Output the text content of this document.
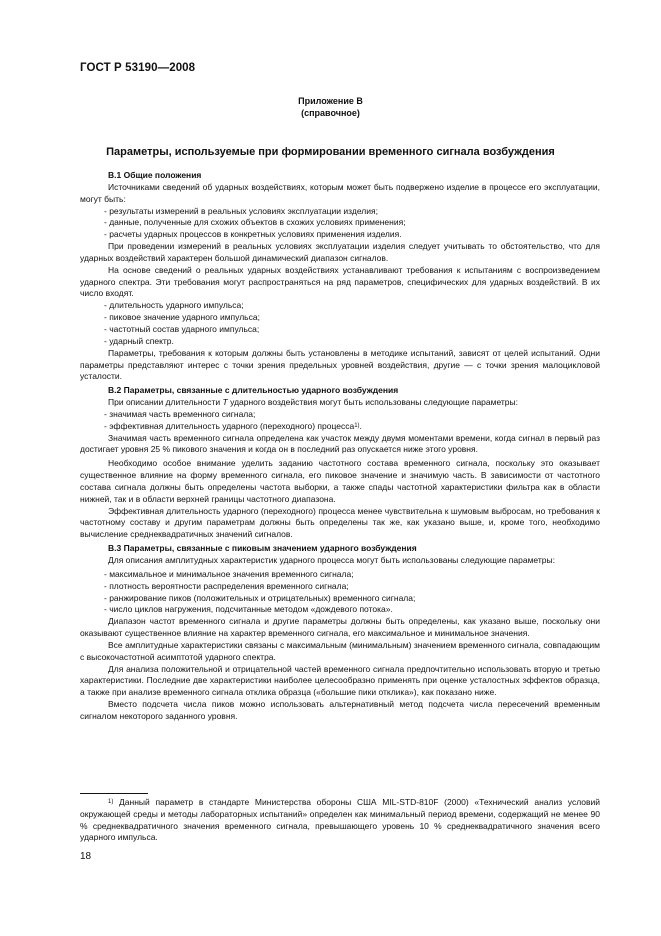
ГОСТ Р 53190—2008
Приложение В
(справочное)
Параметры, используемые при формировании временного сигнала возбуждения

В.1 Общие положения

Источниками сведений об ударных воздействиях, которым может быть подвержено изделие в процессе его эксплуатации, могут быть:

- результаты измерений в реальных условиях эксплуатации изделия;

- данные, полученные для схожих объектов в схожих условиях применения;

- расчеты ударных процессов в конкретных условиях применения изделия.

При проведении измерений в реальных условиях эксплуатации изделия следует учитывать то обстоятельство, что для ударных воздействий характерен большой динамический диапазон сигналов.

На основе сведений о реальных ударных воздействиях устанавливают требования к испытаниям с воспроизведением ударного спектра. Эти требования могут распространяться на ряд параметров, специфических для ударных воздействий. В их число входят.

- длительность ударного импульса;

- пиковое значение ударного импульса;

- частотный состав ударного импульса;

- ударный спектр.

Параметры, требования к которым должны быть установлены в методике испытаний, зависят от целей испытаний. Одни параметры представляют интерес с точки зрения предельных уровней воздействия, другие — с точки зрения малоцикловой усталости.

В.2 Параметры, связанные с длительностью ударного возбуждения

При описании длительности T ударного воздействия могут быть использованы следующие параметры:

- значимая часть временного сигнала;

- эффективная длительность ударного (переходного) процесса$^{1)}$.

Значимая часть временного сигнала определена как участок между двумя моментами времени, когда сигнал в первый раз достигает уровня 25 % пикового значения и когда он в последний раз опускается ниже этого уровня.

Необходимо особое внимание уделить заданию частотного состава временного сигнала, поскольку это оказывает существенное влияние на форму временного сигнала, его пиковое значение и значимую часть. В зависимости от частотного состава сигнала должны быть определены частота выборки, а также спады частотной характеристики фильтра как в области нижней, так и в области верхней границы частотного диапазона.

Эффективная длительность ударного (переходного) процесса менее чувствительна к шумовым выбросам, но требования к частотному составу и другим параметрам должны быть определены так же, как указано выше, и, кроме того, необходимо вычисление среднеквадратичных значений сигналов.

В.3 Параметры, связанные с пиковым значением ударного возбуждения

Для описания амплитудных характеристик ударного процесса могут быть использованы следующие параметры:

- максимальное и минимальное значения временного сигнала;

- плотность вероятности распределения временного сигнала;

- ранжирование пиков (положительных и отрицательных) временного сигнала;

- число циклов нагружения, подсчитанные методом «дождевого потока».

Диапазон частот временного сигнала и другие параметры должны быть определены, как указано выше, поскольку они оказывают существенное влияние на характер временного сигнала, его максимальное и минимальное значения.

Все амплитудные характеристики связаны с максимальным (минимальным) значением временного сигнала, совпадающим с высокочастотной асимптотой ударного спектра.

Для анализа положительной и отрицательной частей временного сигнала предпочтительно использовать вторую и третью характеристики. Последние две характеристики наиболее целесообразно применять при оценке усталостных эффектов образца, а также при анализе временного сигнала отклика образца («большие пики отклика»), как показано ниже.

Вместо подсчета числа пиков можно использовать альтернативный метод подсчета числа пересечений временным сигналом некоторого заданного уровня.

$^{1)}$ Данный параметр в стандарте Министерства обороны США MIL-STD-810F (2000) «Технический анализ условий окружающей среды и методы лабораторных испытаний» определен как минимальный период времени, содержащий не менее 90 % среднеквадратичного значения временного сигнала, превышающего уровень 10 % среднеквадратичного значения всего ударного импульса.

18
